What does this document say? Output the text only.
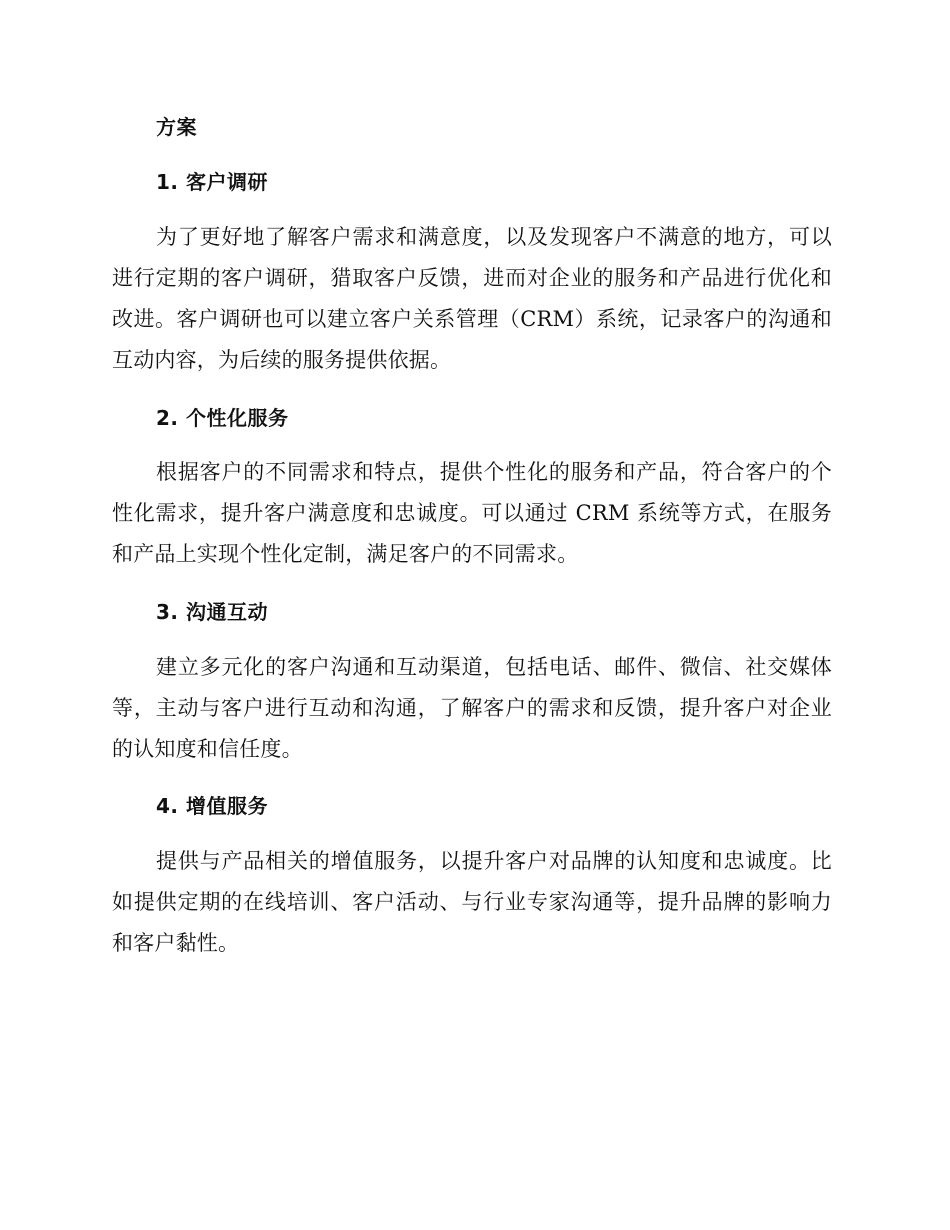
方案
1. 客户调研
为了更好地了解客户需求和满意度，以及发现客户不满意的地方，可以进行定期的客户调研，猎取客户反馈，进而对企业的服务和产品进行优化和改进。客户调研也可以建立客户关系管理（CRM）系统，记录客户的沟通和互动内容，为后续的服务提供依据。
2. 个性化服务
根据客户的不同需求和特点，提供个性化的服务和产品，符合客户的个性化需求，提升客户满意度和忠诚度。可以通过 CRM 系统等方式，在服务和产品上实现个性化定制，满足客户的不同需求。
3. 沟通互动
建立多元化的客户沟通和互动渠道，包括电话、邮件、微信、社交媒体等，主动与客户进行互动和沟通，了解客户的需求和反馈，提升客户对企业的认知度和信任度。
4. 增值服务
提供与产品相关的增值服务，以提升客户对品牌的认知度和忠诚度。比如提供定期的在线培训、客户活动、与行业专家沟通等，提升品牌的影响力和客户黏性。
